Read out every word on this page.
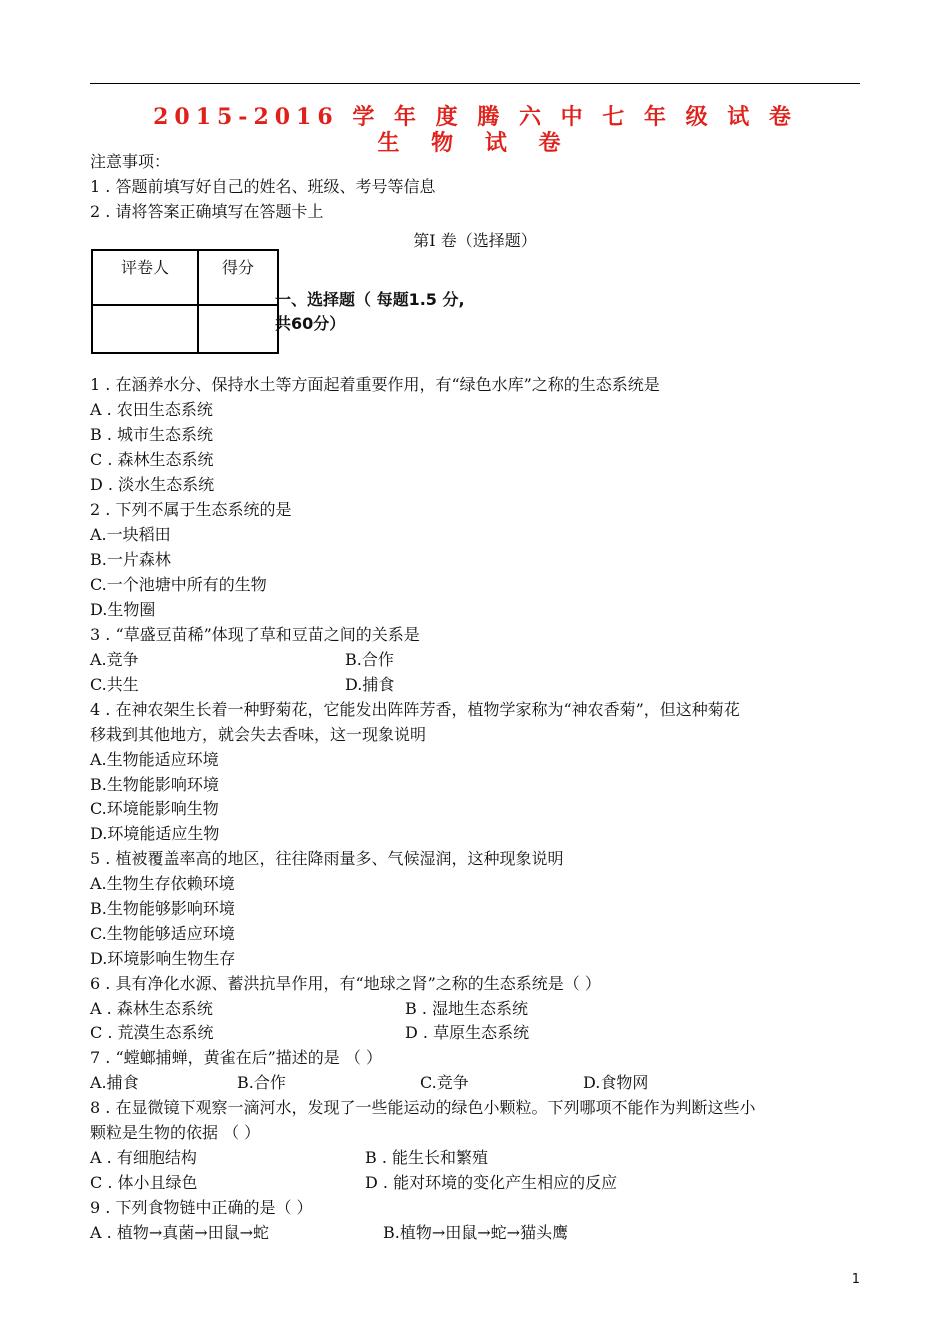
2015-2016 学 年 度 腾 六 中 七 年 级 试 卷
生 物 试 卷
注意事项：
1 . 答题前填写好自己的姓名、班级、考号等信息
2 . 请将答案正确填写在答题卡上
第I 卷（选择题）
评卷人	得分

一、选择题（ 每题1.5 分,
共60分）
1 . 在涵养水分、保持水土等方面起着重要作用，有“绿色水库”之称的生态系统是
A . 农田生态系统
B . 城市生态系统
C . 森林生态系统
D . 淡水生态系统
2 . 下列不属于生态系统的是
A.一块稻田
B.一片森林
C.一个池塘中所有的生物
D.生物圈
3 . “草盛豆苗稀”体现了草和豆苗之间的关系是
A.竞争	B.合作
C.共生	D.捕食
4 . 在神农架生长着一种野菊花，它能发出阵阵芳香，植物学家称为“神农香菊”，但这种菊花
移栽到其他地方，就会失去香味，这一现象说明
A.生物能适应环境
B.生物能影响环境
C.环境能影响生物
D.环境能适应生物
5 . 植被覆盖率高的地区，往往降雨量多、气候湿润，这种现象说明
A.生物生存依赖环境
B.生物能够影响环境
C.生物能够适应环境
D.环境影响生物生存
6 . 具有净化水源、蓄洪抗旱作用，有“地球之肾”之称的生态系统是（ ）
A . 森林生态系统	B . 湿地生态系统
C . 荒漠生态系统	D . 草原生态系统
7 . “螳螂捕蝉，黄雀在后”描述的是 （ ）
A.捕食	B.合作	C.竞争	D.食物网
8 . 在显微镜下观察一滴河水，发现了一些能运动的绿色小颗粒。下列哪项不能作为判断这些小
颗粒是生物的依据 （ ）
A . 有细胞结构	B . 能生长和繁殖
C . 体小且绿色	D . 能对环境的变化产生相应的反应
9 . 下列食物链中正确的是（ ）
A . 植物→真菌→田鼠→蛇	B.植物→田鼠→蛇→猫头鹰
1
